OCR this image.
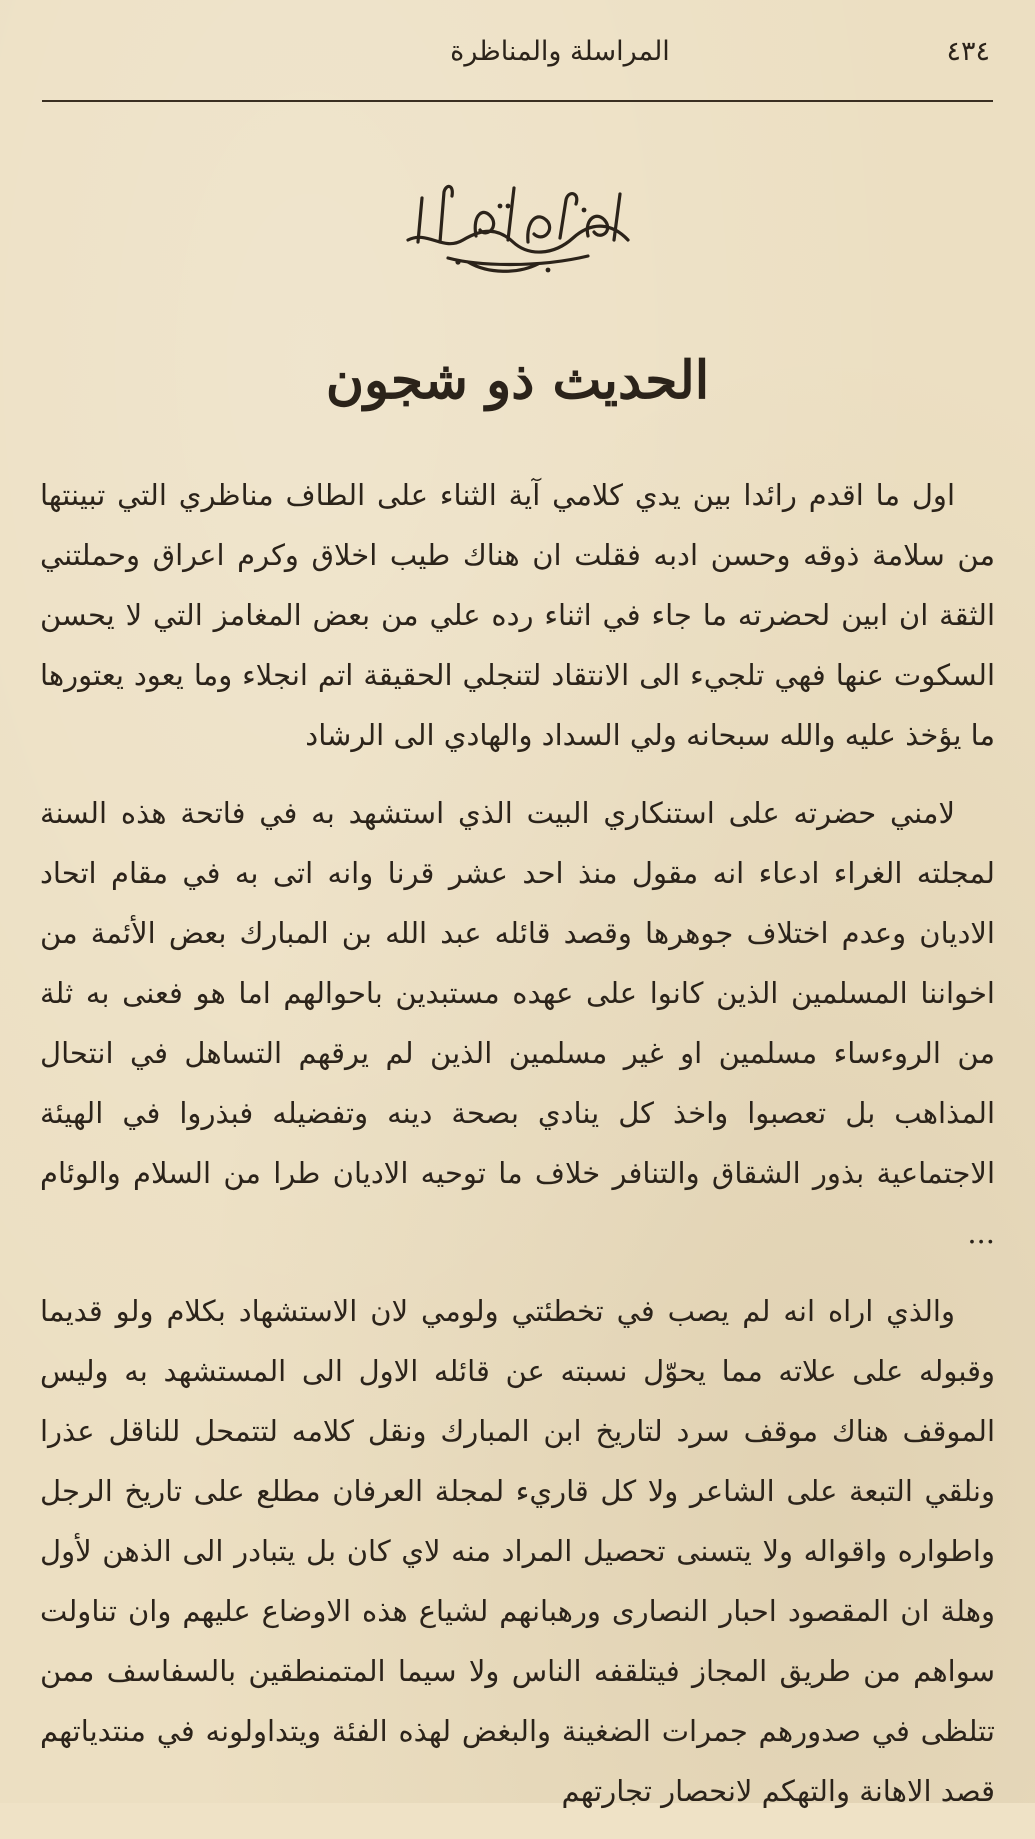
٤٣٤
المراسلة والمناظرة
الحديث ذو شجون

اول ما اقدم رائدا بين يدي كلامي آية الثناء على الطاف مناظري التي تبينتها من سلامة ذوقه وحسن ادبه فقلت ان هناك طيب اخلاق وكرم اعراق وحملتني الثقة ان ابين لحضرته ما جاء في اثناء رده علي من بعض المغامز التي لا يحسن السكوت عنها فهي تلجيء الى الانتقاد لتنجلي الحقيقة اتم انجلاء وما يعود يعتورها ما يؤخذ عليه والله سبحانه ولي السداد والهادي الى الرشاد

لامني حضرته على استنكاري البيت الذي استشهد به في فاتحة هذه السنة لمجلته الغراء ادعاء انه مقول منذ احد عشر قرنا وانه اتى به في مقام اتحاد الاديان وعدم اختلاف جوهرها وقصد قائله عبد الله بن المبارك بعض الأئمة من اخواننا المسلمين الذين كانوا على عهده مستبدين باحوالهم اما هو فعنى به ثلة من الروءساء مسلمين او غير مسلمين الذين لم يرقهم التساهل في انتحال المذاهب بل تعصبوا واخذ كل ينادي بصحة دينه وتفضيله فبذروا في الهيئة الاجتماعية بذور الشقاق والتنافر خلاف ما توحيه الاديان طرا من السلام والوئام ...

والذي اراه انه لم يصب في تخطئتي ولومي لان الاستشهاد بكلام ولو قديما وقبوله على علاته مما يحوّل نسبته عن قائله الاول الى المستشهد به وليس الموقف هناك موقف سرد لتاريخ ابن المبارك ونقل كلامه لتتمحل للناقل عذرا ونلقي التبعة على الشاعر ولا كل قاريء لمجلة العرفان مطلع على تاريخ الرجل واطواره واقواله ولا يتسنى تحصيل المراد منه لاي كان بل يتبادر الى الذهن لأول وهلة ان المقصود احبار النصارى ورهبانهم لشياع هذه الاوضاع عليهم وان تناولت سواهم من طريق المجاز فيتلقفه الناس ولا سيما المتمنطقين بالسفاسف ممن تتلظى في صدورهم جمرات الضغينة والبغض لهذه الفئة ويتداولونه في منتدياتهم قصد الاهانة والتهكم لانحصار تجارتهم
